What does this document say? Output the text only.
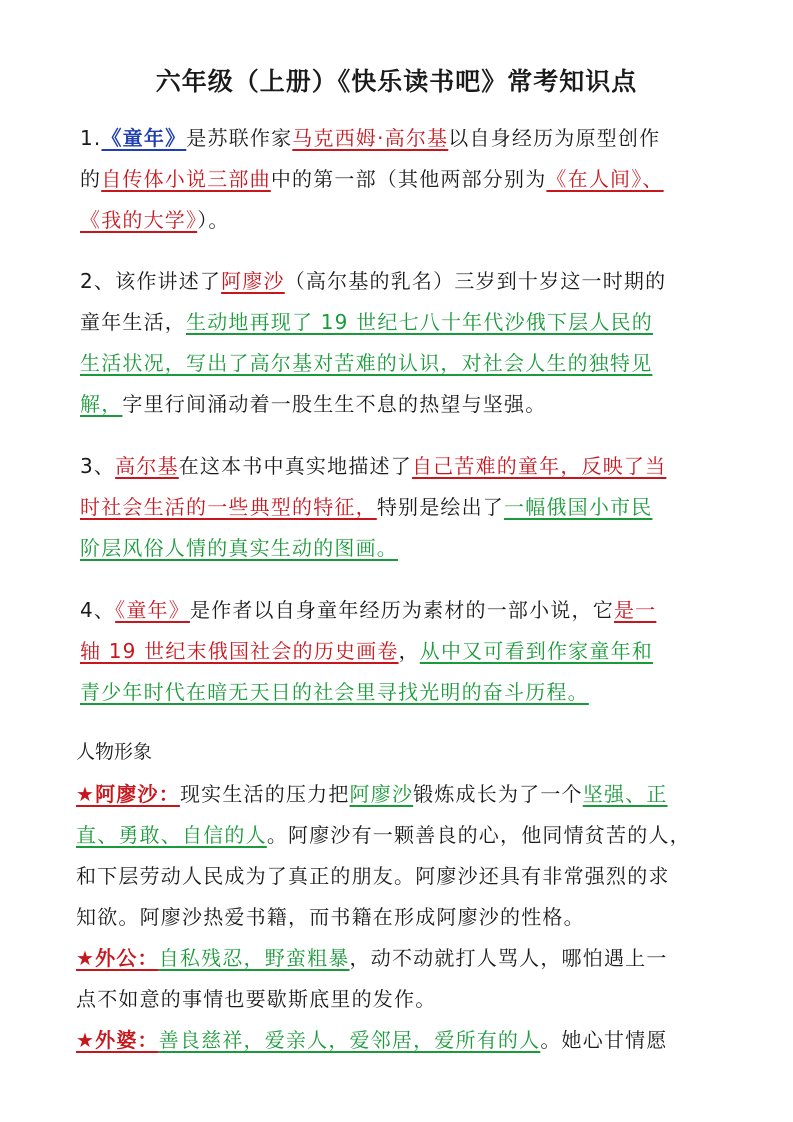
六年级（上册）《快乐读书吧》常考知识点
1.《童年》是苏联作家马克西姆·高尔基以自身经历为原型创作
的自传体小说三部曲中的第一部（其他两部分别为《在人间》、
《我的大学》）。
2、该作讲述了阿廖沙（高尔基的乳名）三岁到十岁这一时期的
童年生活，生动地再现了 19 世纪七八十年代沙俄下层人民的
生活状况，写出了高尔基对苦难的认识，对社会人生的独特见
解，字里行间涌动着一股生生不息的热望与坚强。
3、高尔基在这本书中真实地描述了自己苦难的童年，反映了当
时社会生活的一些典型的特征，特别是绘出了一幅俄国小市民
阶层风俗人情的真实生动的图画。
4、《童年》是作者以自身童年经历为素材的一部小说，它是一
轴 19 世纪末俄国社会的历史画卷，从中又可看到作家童年和
青少年时代在暗无天日的社会里寻找光明的奋斗历程。
人物形象
★阿廖沙：现实生活的压力把阿廖沙锻炼成长为了一个坚强、正
直、勇敢、自信的人。阿廖沙有一颗善良的心，他同情贫苦的人，
和下层劳动人民成为了真正的朋友。阿廖沙还具有非常强烈的求
知欲。阿廖沙热爱书籍，而书籍在形成阿廖沙的性格。
★外公：自私残忍，野蛮粗暴，动不动就打人骂人，哪怕遇上一
点不如意的事情也要歇斯底里的发作。
★外婆：善良慈祥，爱亲人，爱邻居，爱所有的人。她心甘情愿
